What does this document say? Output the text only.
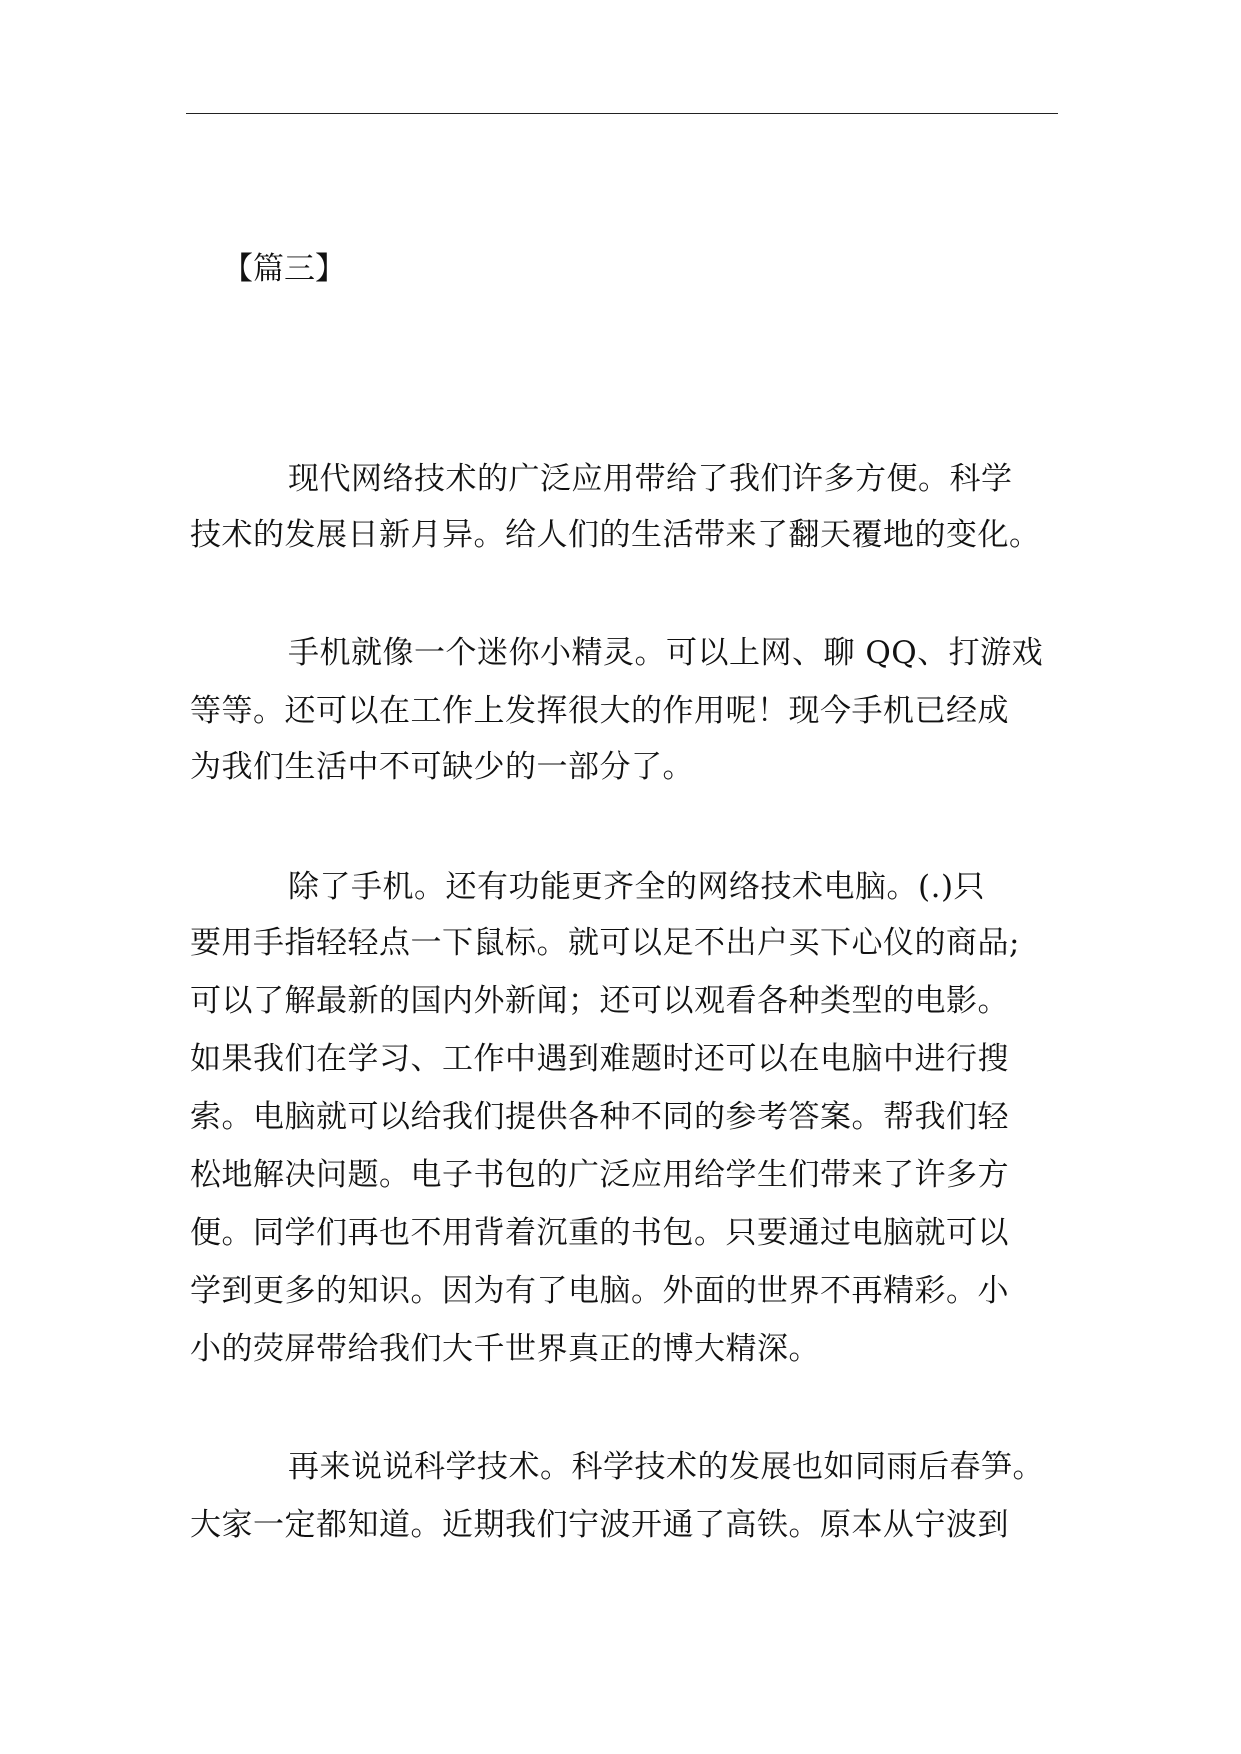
【篇三】
现代网络技术的广泛应用带给了我们许多方便。科学
技术的发展日新月异。给人们的生活带来了翻天覆地的变化。
手机就像一个迷你小精灵。可以上网、聊 QQ、打游戏
等等。还可以在工作上发挥很大的作用呢！现今手机已经成
为我们生活中不可缺少的一部分了。
除了手机。还有功能更齐全的网络技术电脑。(.)只
要用手指轻轻点一下鼠标。就可以足不出户买下心仪的商品;
可以了解最新的国内外新闻；还可以观看各种类型的电影。
如果我们在学习、工作中遇到难题时还可以在电脑中进行搜
索。电脑就可以给我们提供各种不同的参考答案。帮我们轻
松地解决问题。电子书包的广泛应用给学生们带来了许多方
便。同学们再也不用背着沉重的书包。只要通过电脑就可以
学到更多的知识。因为有了电脑。外面的世界不再精彩。小
小的荧屏带给我们大千世界真正的博大精深。
再来说说科学技术。科学技术的发展也如同雨后春笋。
大家一定都知道。近期我们宁波开通了高铁。原本从宁波到
